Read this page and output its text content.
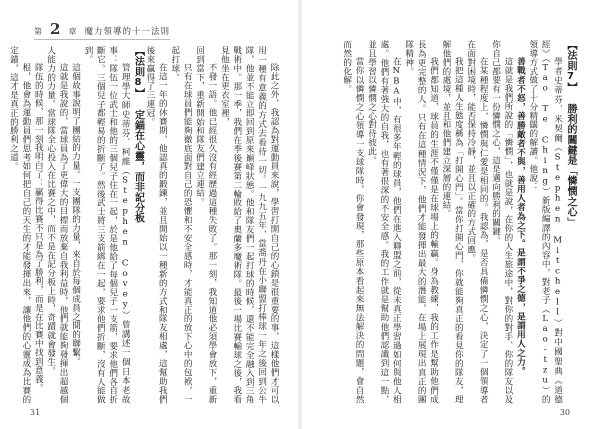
第 2 章 魔力領導的十一法則
除此之外，我認為對運動員來說，學習打開自己的心鎖是很重要的事，這樣他們才可以用一種有意義的方式去看待一切。一九九五年，當喬丹在小聯盟打棒球一年之後回到公牛隊，他並不能立即回到原來巔峰狀態。他和隊友們一起打球的時候，還不能完全融入到三角戰術中。那一季，我們在季後賽第二輪敗給了奧蘭多魔術隊。最後一場比賽輸球之後，我看見他坐在更衣室裡，
不發一語。他已經很久沒有經歷過這種失敗了。那一刻，我知道他必須學會放下，重新回到當下，重新開始和隊友們建立連結。
只有在球員們能夠徹底面對自己的恐懼和不安全感時，才能真正的放下心中的包袱，一起打球。
在這一年的休賽期，他認真的鍛鍊，並且開始以一種新的方式和隊友相處，這幫助我們後來贏得了三連冠。
【法則8】 定錨在心靈，而非記分板
管理學大師史蒂芬．柯維（Stephen Covey）曾講述一個日本老故事：隊伍一位武士和他的三個兒子住在一起，於是他給了每個兒子一支箭，要求他們各自折斷它。三個兒子都輕易的折斷了。然後武士將三支箭綁在一起，要求他們折斷，沒有人能做到。
這個故事說明了團結的力量。一支團隊的力量，來自於每個成員之間的聯繫。
這就是我說的，當球員為了更偉大的目標而放棄自我利益時，他們就能夠發揮出超越個人能力的力量。當球隊全心投入在比賽之中，而不是在記分板上時，奇蹟就會發生。
隊伍的時候，那一刻我明白了：贏得比賽不只是為了勝利，而是在比賽中找到意義。
根，他會為運動員們思考如何把自己的天生的才能發揮出來，讓他們的心靈成為比賽的定錨，這才是真正的勝利之道。
31
【法則7】 勝利的關鍵是「憐憫之心」
學者史蒂芬．米契爾（Stephen Mitchell）對中國聖典《道德經》（Tao Te Ching）新版編譯的內容中，對老子（Lao-tzu）的領導方式做了十分精闢的解讀。他說：
善戰者不怒，善勝敵者不與，善用人者為之下。是謂不爭之德，是謂用人之力。
這就是我們所說的「憐憫」，也就是說，在你的人生旅途中，對你的對手、你的隊友以及你自己都要有一份憐憫之心，這是邁向勝利的關鍵。
在某種程度上，憐憫與仁愛是相同的。我認為，是否具備憐憫之心，決定了一個領導者在面對困境時，能否保持冷靜，並且以正確的方式回應。
我把這種人生態度稱為「打開心門」。當你打開心門，你就能夠真正的看見你的隊友，理解他們的處境，並且和他們建立深層的連結。
我們都知道，球員的生涯不僅僅是在球場上的輸贏。身為教練，我的工作是幫助他們成長為更完整的人。只有在這種情況下，他們才能發揮出最大的潛能，在場上展現出真正的團隊精神。
在NBA中，有很多年輕的球員，他們在進入聯盟之前，從未真正學習過如何與他人相處。他們有著強大的自我，也有著很深的不安全感。我的工作就是幫助他們認識到這一點，並且學習以憐憫之心對待彼此。
當你以憐憫之心領導一支球隊時，你會發現，那些原本看起來無法解決的問題，會自然而然的化解。
30
